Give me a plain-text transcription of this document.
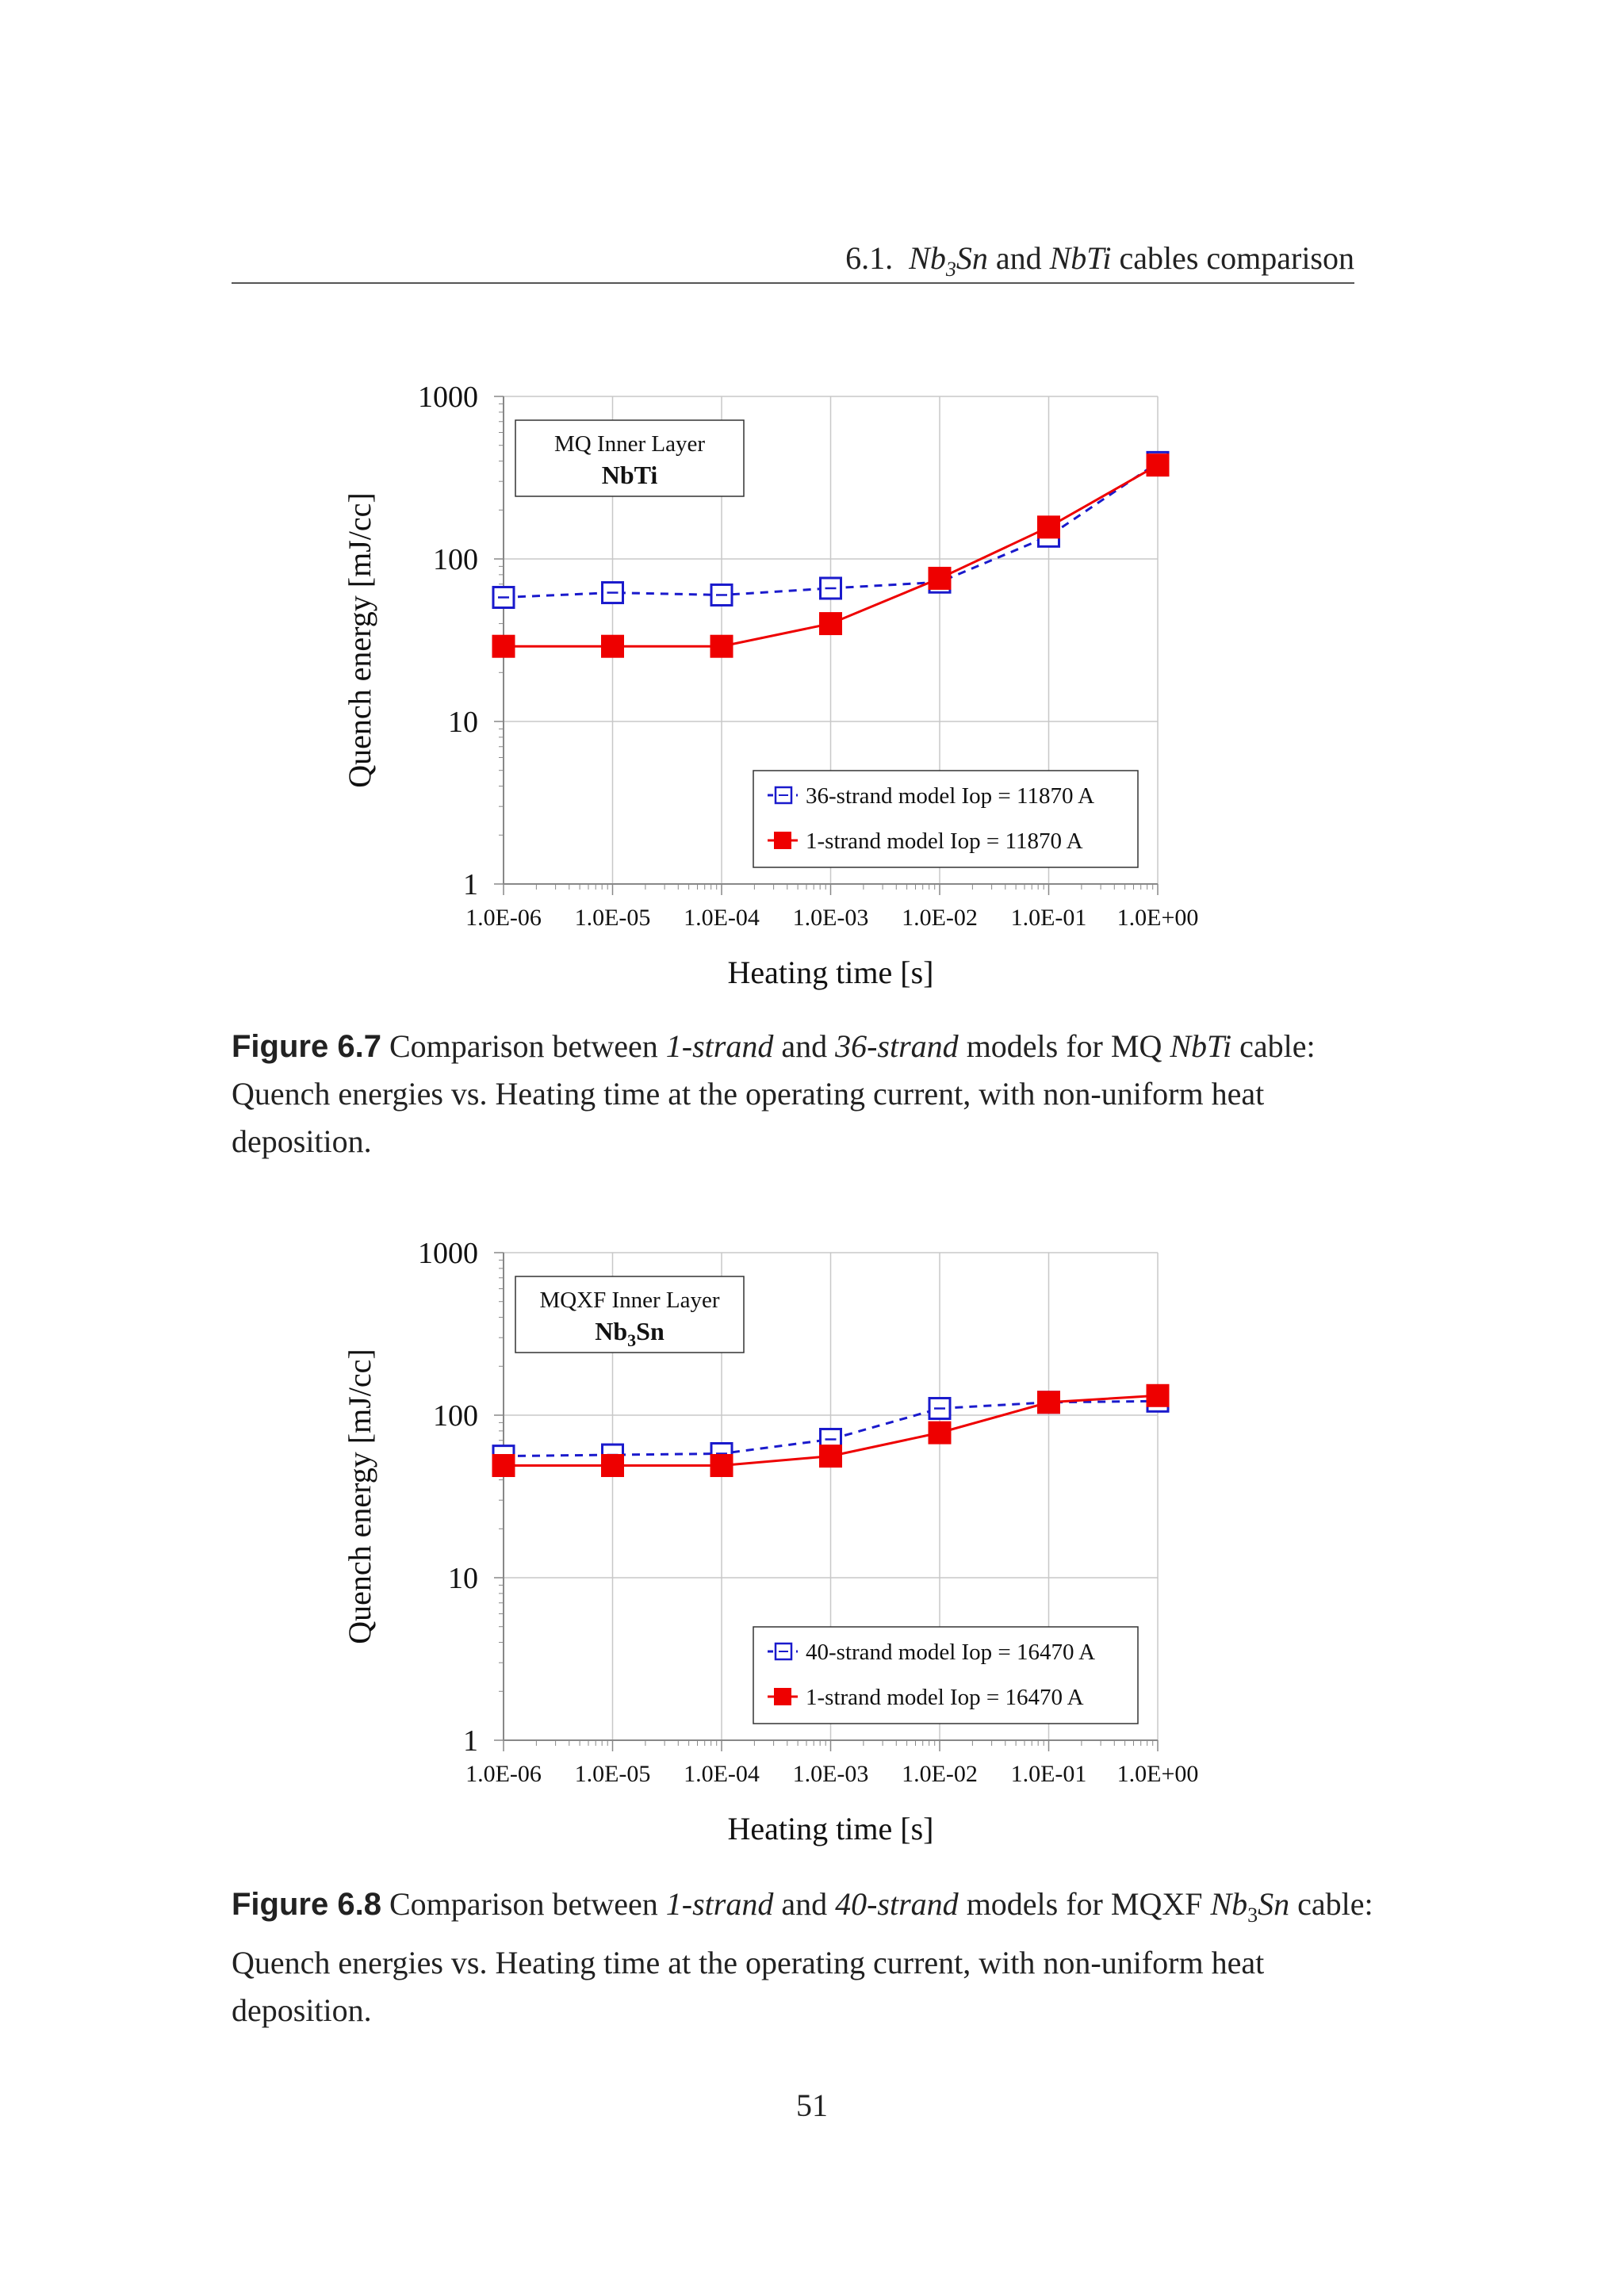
6.1. $Nb_3Sn$ and NbTi cables comparison
1.0E-06 1.0E-05 1.0E-04 1.0E-03 1.0E-02 1.0E-01 1.0E+00
1
10
100
1000
Heating time [s]
Quench energy [mJ/cc]
MQ Inner Layer
NbTi
36-strand model Iop = 11870 A
1-strand model Iop = 11870 A
Figure 6.7 Comparison between 1-strand and 36-strand models for MQ NbTi cable: Quench energies vs. Heating time at the operating current, with non-uniform heat deposition.
1.0E-06 1.0E-05 1.0E-04 1.0E-03 1.0E-02 1.0E-01 1.0E+00
1
10
100
1000
Heating time [s]
Quench energy [mJ/cc]
MQXF Inner Layer
$Nb_3Sn$
40-strand model Iop = 16470 A
1-strand model Iop = 16470 A
Figure 6.8 Comparison between 1-strand and 40-strand models for MQXF $Nb_3Sn$ cable: Quench energies vs. Heating time at the operating current, with non-uniform heat deposition.
51
